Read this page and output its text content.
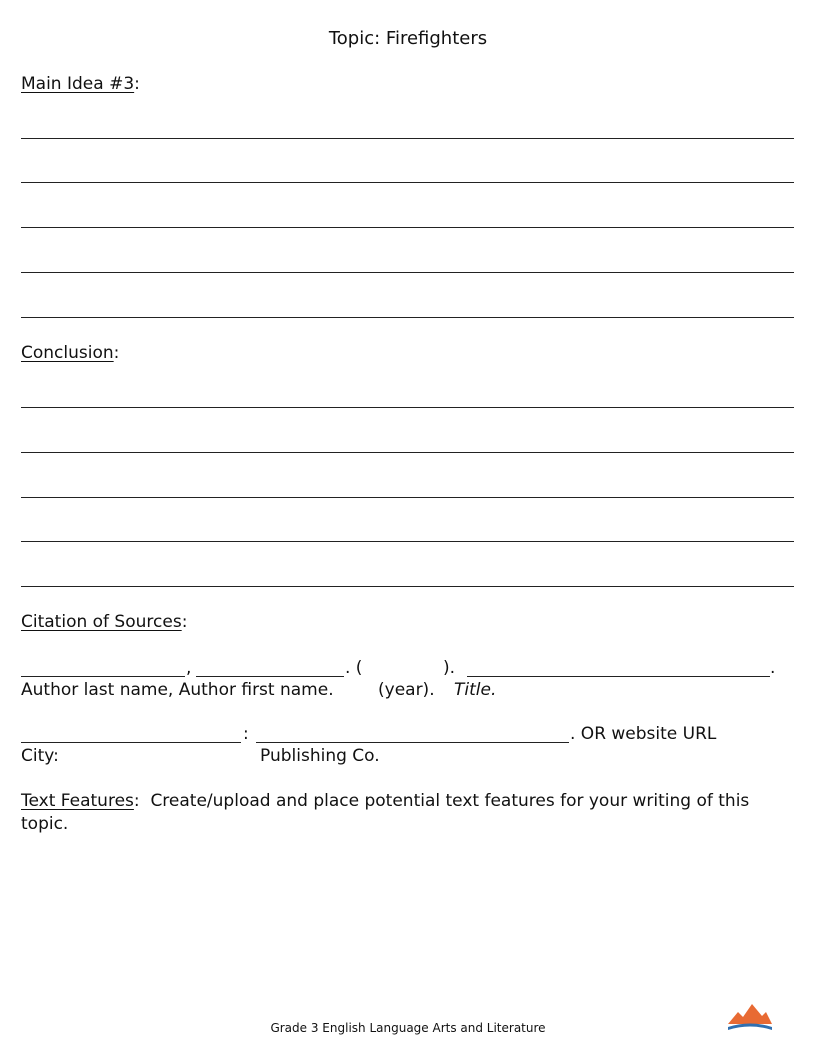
Topic: Firefighters
Main Idea #3:
Conclusion:
Citation of Sources:
,	. (	).	.
Author last name, Author first name.	(year). Title.
:	. OR website URL
City:	Publishing Co.
Text Features: Create/upload and place potential text features for your writing of this
topic.
Grade 3 English Language Arts and Literature
